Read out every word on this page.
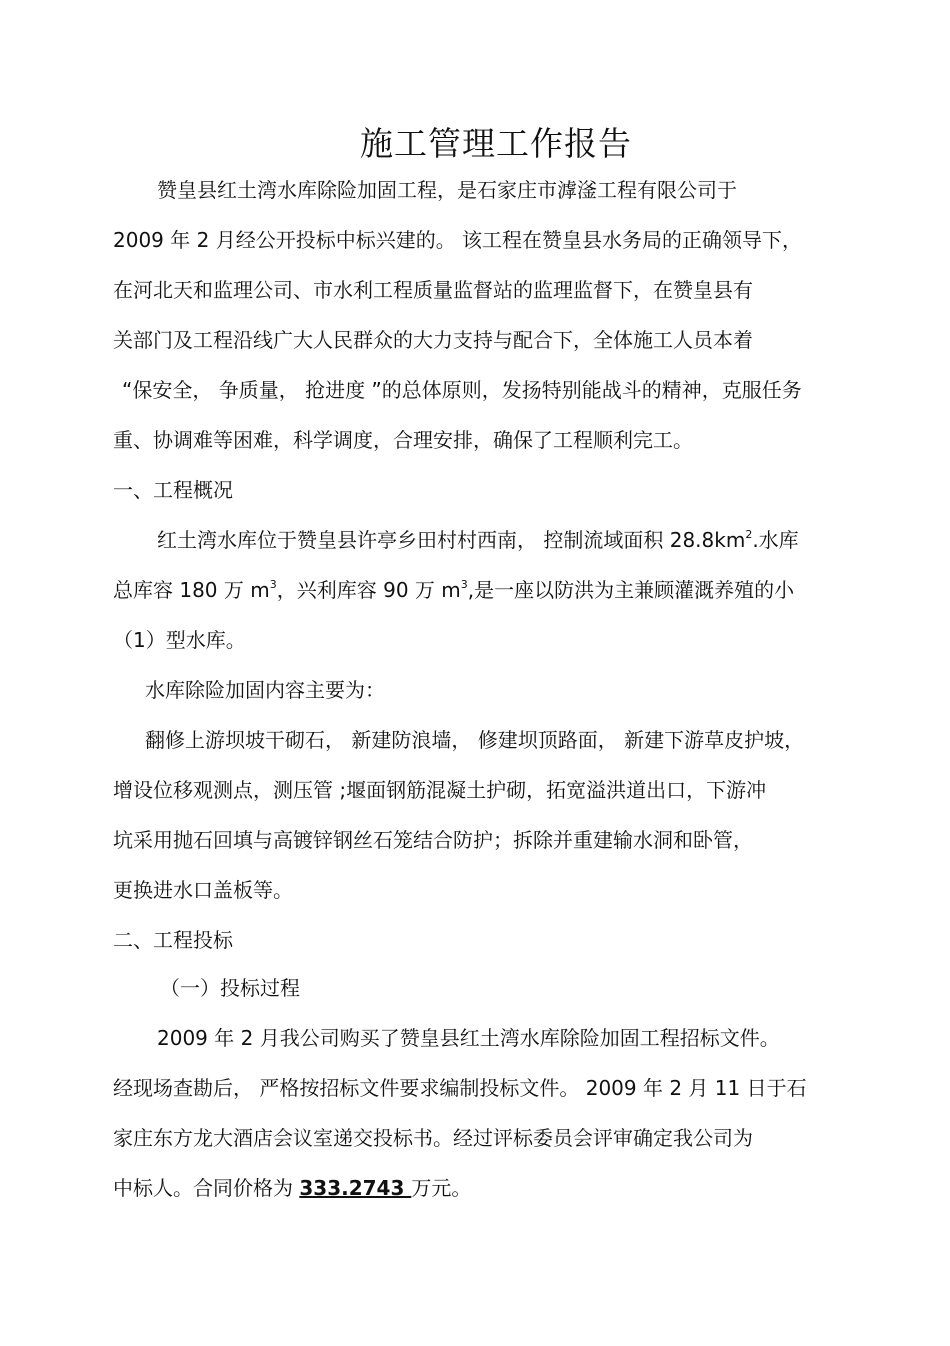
施工管理工作报告

赞皇县红土湾水库除险加固工程，是石家庄市滹滏工程有限公司于

2009 年 2 月经公开投标中标兴建的。 该工程在赞皇县水务局的正确领导下，

在河北天和监理公司、市水利工程质量监督站的监理监督下，在赞皇县有

关部门及工程沿线广大人民群众的大力支持与配合下，全体施工人员本着

“保安全， 争质量， 抢进度 ”的总体原则，发扬特别能战斗的精神，克服任务

重、协调难等困难，科学调度，合理安排，确保了工程顺利完工。

一、工程概况

红土湾水库位于赞皇县许亭乡田村村西南， 控制流域面积 $28.8km^2$.水库

总库容 180 万 $m^3$，兴利库容 90 万 $m^3$,是一座以防洪为主兼顾灌溉养殖的小

（1）型水库。

水库除险加固内容主要为：

翻修上游坝坡干砌石， 新建防浪墙， 修建坝顶路面， 新建下游草皮护坡，

增设位移观测点，测压管 ;堰面钢筋混凝土护砌，拓宽溢洪道出口，下游冲

坑采用抛石回填与高镀锌钢丝石笼结合防护；拆除并重建输水洞和卧管，

更换进水口盖板等。

二、工程投标

（一）投标过程

2009 年 2 月我公司购买了赞皇县红土湾水库除险加固工程招标文件。

经现场查勘后， 严格按招标文件要求编制投标文件。 2009 年 2 月 11 日于石

家庄东方龙大酒店会议室递交投标书。经过评标委员会评审确定我公司为

中标人。合同价格为 333.2743 万元。
